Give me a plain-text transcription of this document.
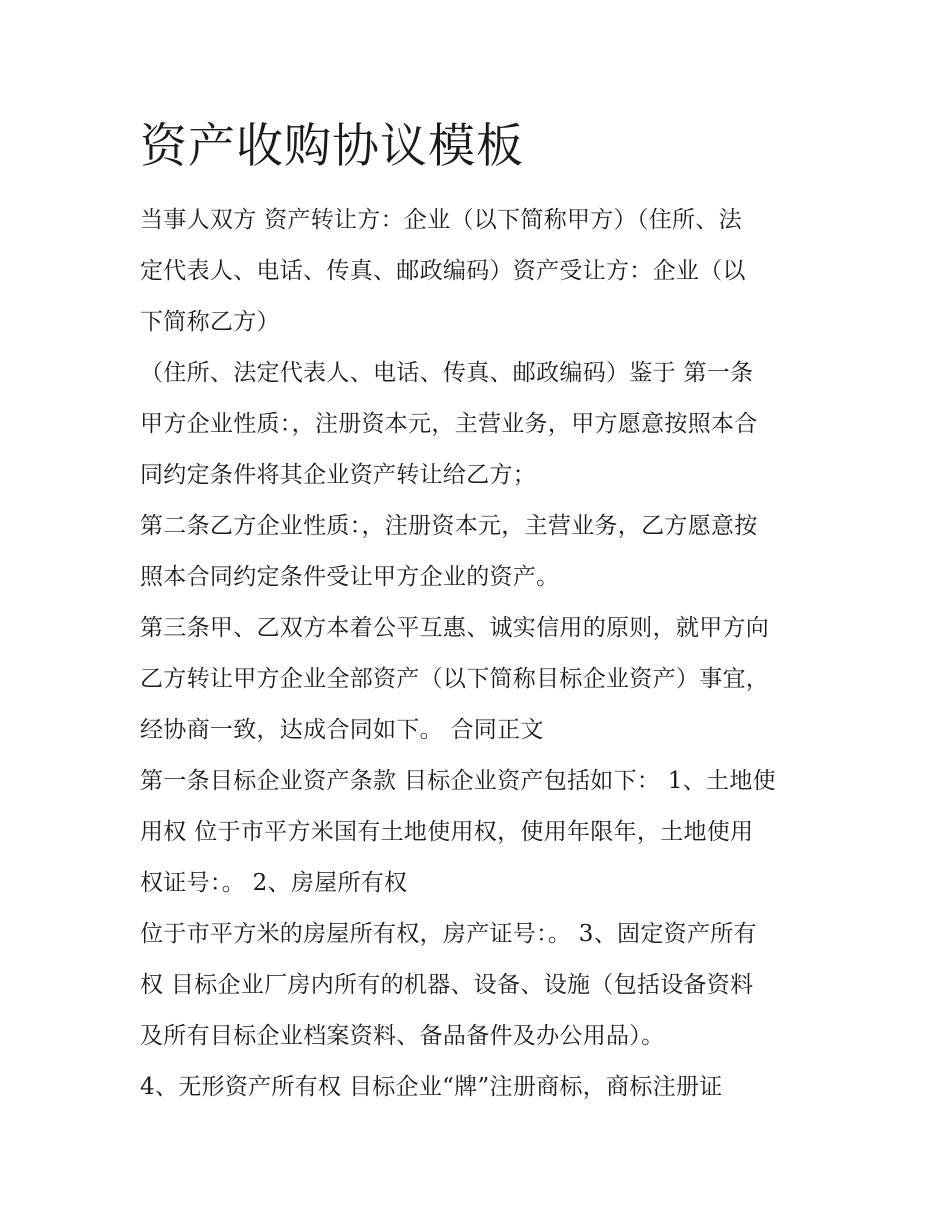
资产收购协议模板
当事人双方 资产转让方：企业（以下简称甲方）（住所、法
定代表人、电话、传真、邮政编码）资产受让方：企业（以
下简称乙方）
（住所、法定代表人、电话、传真、邮政编码）鉴于 第一条
甲方企业性质：，注册资本元，主营业务，甲方愿意按照本合
同约定条件将其企业资产转让给乙方；
第二条乙方企业性质：，注册资本元，主营业务，乙方愿意按
照本合同约定条件受让甲方企业的资产。
第三条甲、乙双方本着公平互惠、诚实信用的原则，就甲方向
乙方转让甲方企业全部资产（以下简称目标企业资产）事宜，
经协商一致，达成合同如下。 合同正文
第一条目标企业资产条款 目标企业资产包括如下： 1、土地使
用权 位于市平方米国有土地使用权，使用年限年，土地使用
权证号：。 2、房屋所有权
位于市平方米的房屋所有权，房产证号：。 3、固定资产所有
权 目标企业厂房内所有的机器、设备、设施（包括设备资料
及所有目标企业档案资料、备品备件及办公用品）。
4、无形资产所有权 目标企业“牌”注册商标，商标注册证
